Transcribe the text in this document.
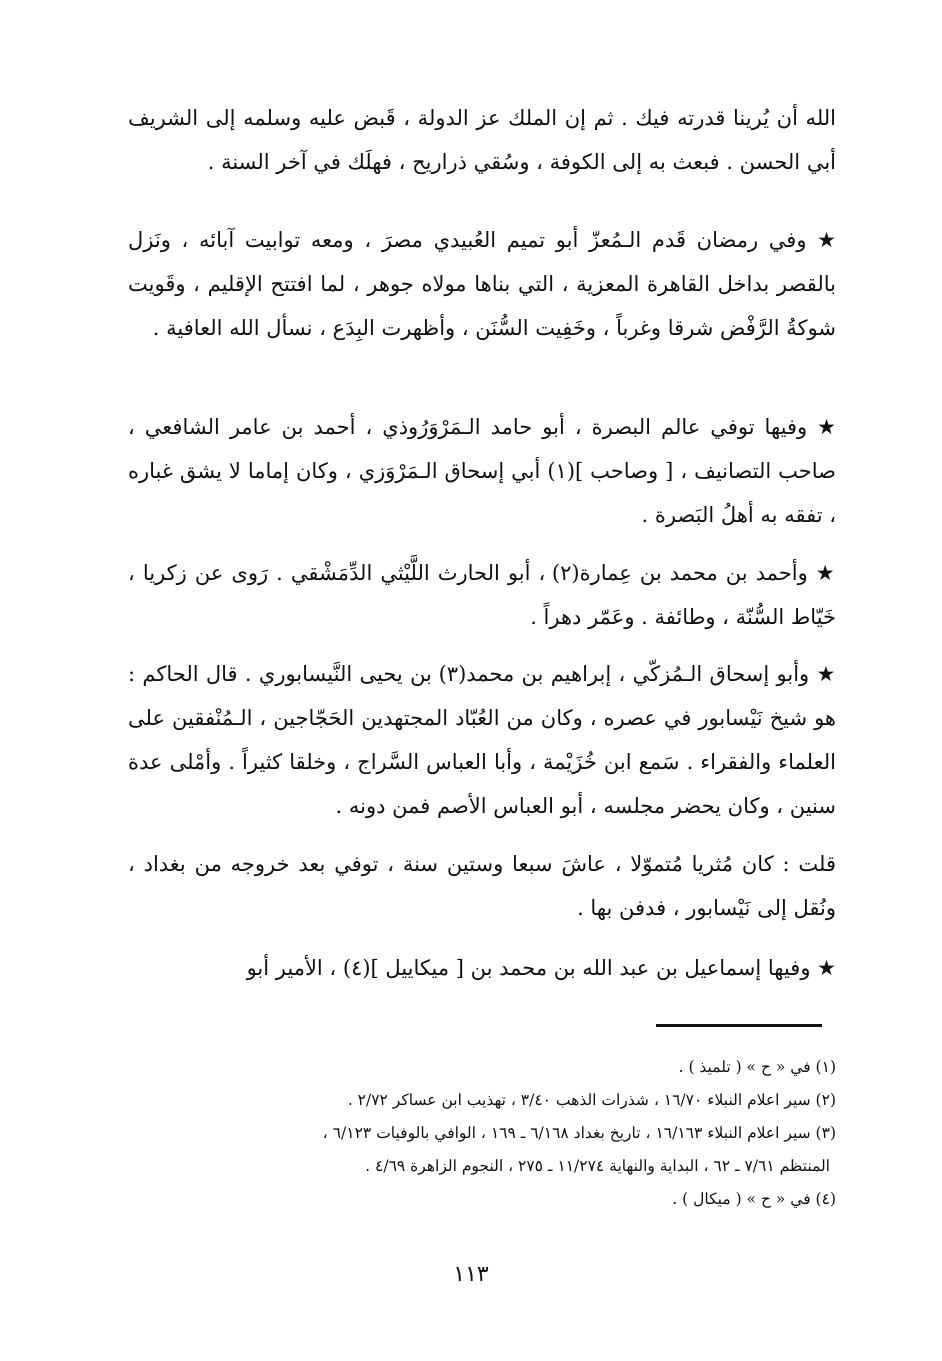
الله أن يُرينا قدرته فيك . ثم إن الملك عز الدولة ، قَبض عليه وسلمه إلى الشريف أبي الحسن . فبعث به إلى الكوفة ، وسُقي ذراريح ، فهلَك في آخر السنة .

★ وفي رمضان قَدم الـمُعزّ أبو تميم العُبيدي مصرَ ، ومعه توابيت آبائه ، ونَزل بالقصر بداخل القاهرة المعزية ، التي بناها مولاه جوهر ، لما افتتح الإقليم ، وقَويت شوكةُ الرَّفْض شرقا وغرباً ، وخَفِيت السُّنَن ، وأظهرت البِدَع ، نسأل الله العافية .

★ وفيها توفي عالم البصرة ، أبو حامد الـمَرْوَرُوذي ، أحمد بن عامر الشافعي ، صاحب التصانيف ، [ وصاحب ](١) أبي إسحاق الـمَرْوَزي ، وكان إماما لا يشق غباره ، تفقه به أهلُ البَصرة .

★ وأحمد بن محمد بن عِمارة(٢) ، أبو الحارث اللَّيْثي الدِّمَشْقي . رَوى عن زكريا ، خَيّاط السُّنّة ، وطائفة . وعَمّر دهراً .

★ وأبو إسحاق الـمُزكّي ، إبراهيم بن محمد(٣) بن يحيى النَّيسابوري . قال الحاكم : هو شيخ نَيْسابور في عصره ، وكان من العُبّاد المجتهدين الحَجّاجين ، الـمُنْفقين على العلماء والفقراء . سَمع ابن خُزَيْمة ، وأبا العباس السَّراج ، وخلقا كثيراً . وأمْلى عدة سنين ، وكان يحضر مجلسه ، أبو العباس الأصم فمن دونه .

قلت : كان مُثريا مُتموّلا ، عاشَ سبعا وستين سنة ، توفي بعد خروجه من بغداد ، ونُقل إلى نَيْسابور ، فدفن بها .

★ وفيها إسماعيل بن عبد الله بن محمد بن [ ميكاييل ](٤) ، الأمير أبو

(١) في « ح » ( تلميذ ) .

(٢) سير اعلام النبلاء ١٦/٧٠ ، شذرات الذهب ٣/٤٠ ، تهذيب ابن عساكر ٢/٧٢ .

(٣) سير اعلام النبلاء ١٦/١٦٣ ، تاريخ بغداد ٦/١٦٨ ـ ١٦٩ ، الوافي بالوفيات ٦/١٢٣ ،

المنتظم ٧/٦١ ـ ٦٢ ، البداية والنهاية ١١/٢٧٤ ـ ٢٧٥ ، النجوم الزاهرة ٤/٦٩ .

(٤) في « ح » ( ميكال ) .

١١٣
